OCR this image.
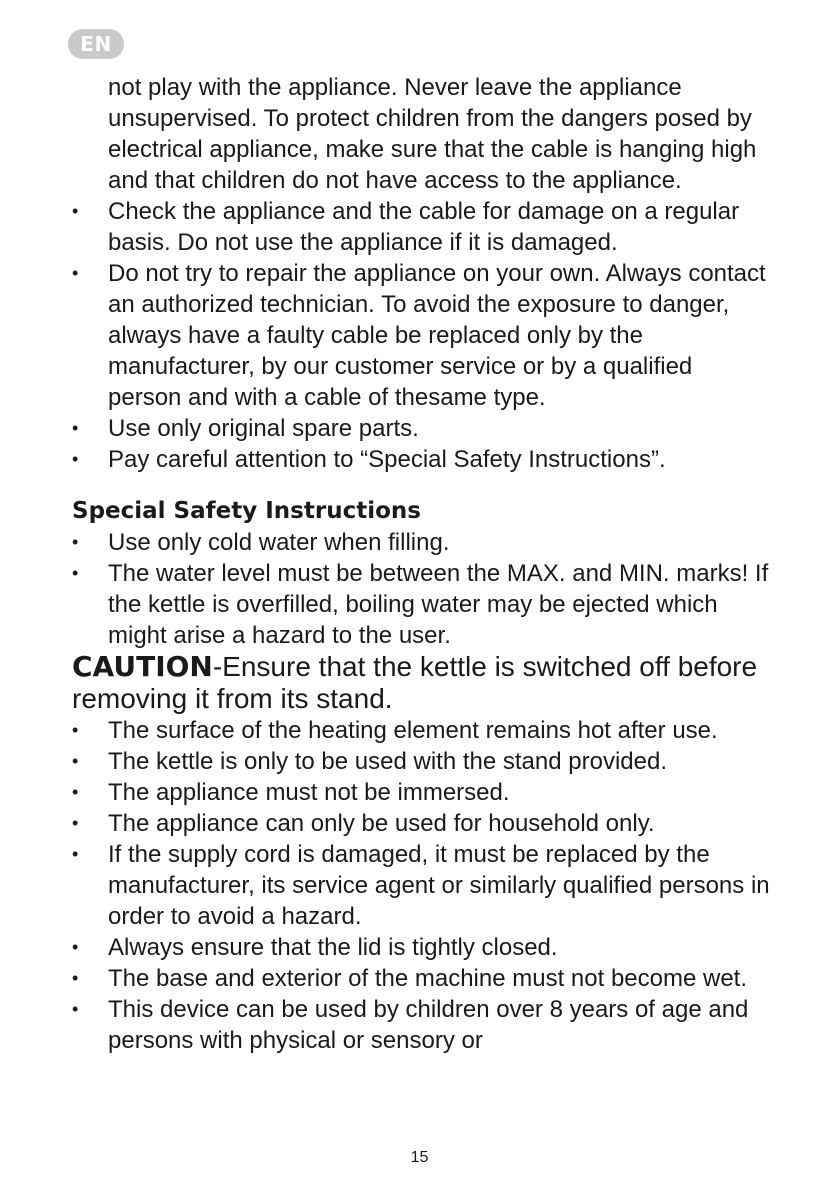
EN
not play with the appliance. Never leave the appliance unsupervised. To protect children from the dangers posed by electrical appliance, make sure that the cable is hanging high and that children do not have access to the appliance.
• Check the appliance and the cable for damage on a regular basis. Do not use the appliance if it is damaged.
• Do not try to repair the appliance on your own. Always contact an authorized technician. To avoid the exposure to danger, always have a faulty cable be replaced only by the manufacturer, by our customer service or by a qualified person and with a cable of thesame type.
• Use only original spare parts.
• Pay careful attention to “Special Safety Instructions”.
Special Safety Instructions
• Use only cold water when filling.
• The water level must be between the MAX. and MIN. marks! If the kettle is overfilled, boiling water may be ejected which might arise a hazard to the user.
CAUTION-Ensure that the kettle is switched off before removing it from its stand.
• The surface of the heating element remains hot after use.
• The kettle is only to be used with the stand provided.
• The appliance must not be immersed.
• The appliance can only be used for household only.
• If the supply cord is damaged, it must be replaced by the manufacturer, its service agent or similarly qualified persons in order to avoid a hazard.
• Always ensure that the lid is tightly closed.
• The base and exterior of the machine must not become wet.
• This device can be used by children over 8 years of age and persons with physical or sensory or
15
